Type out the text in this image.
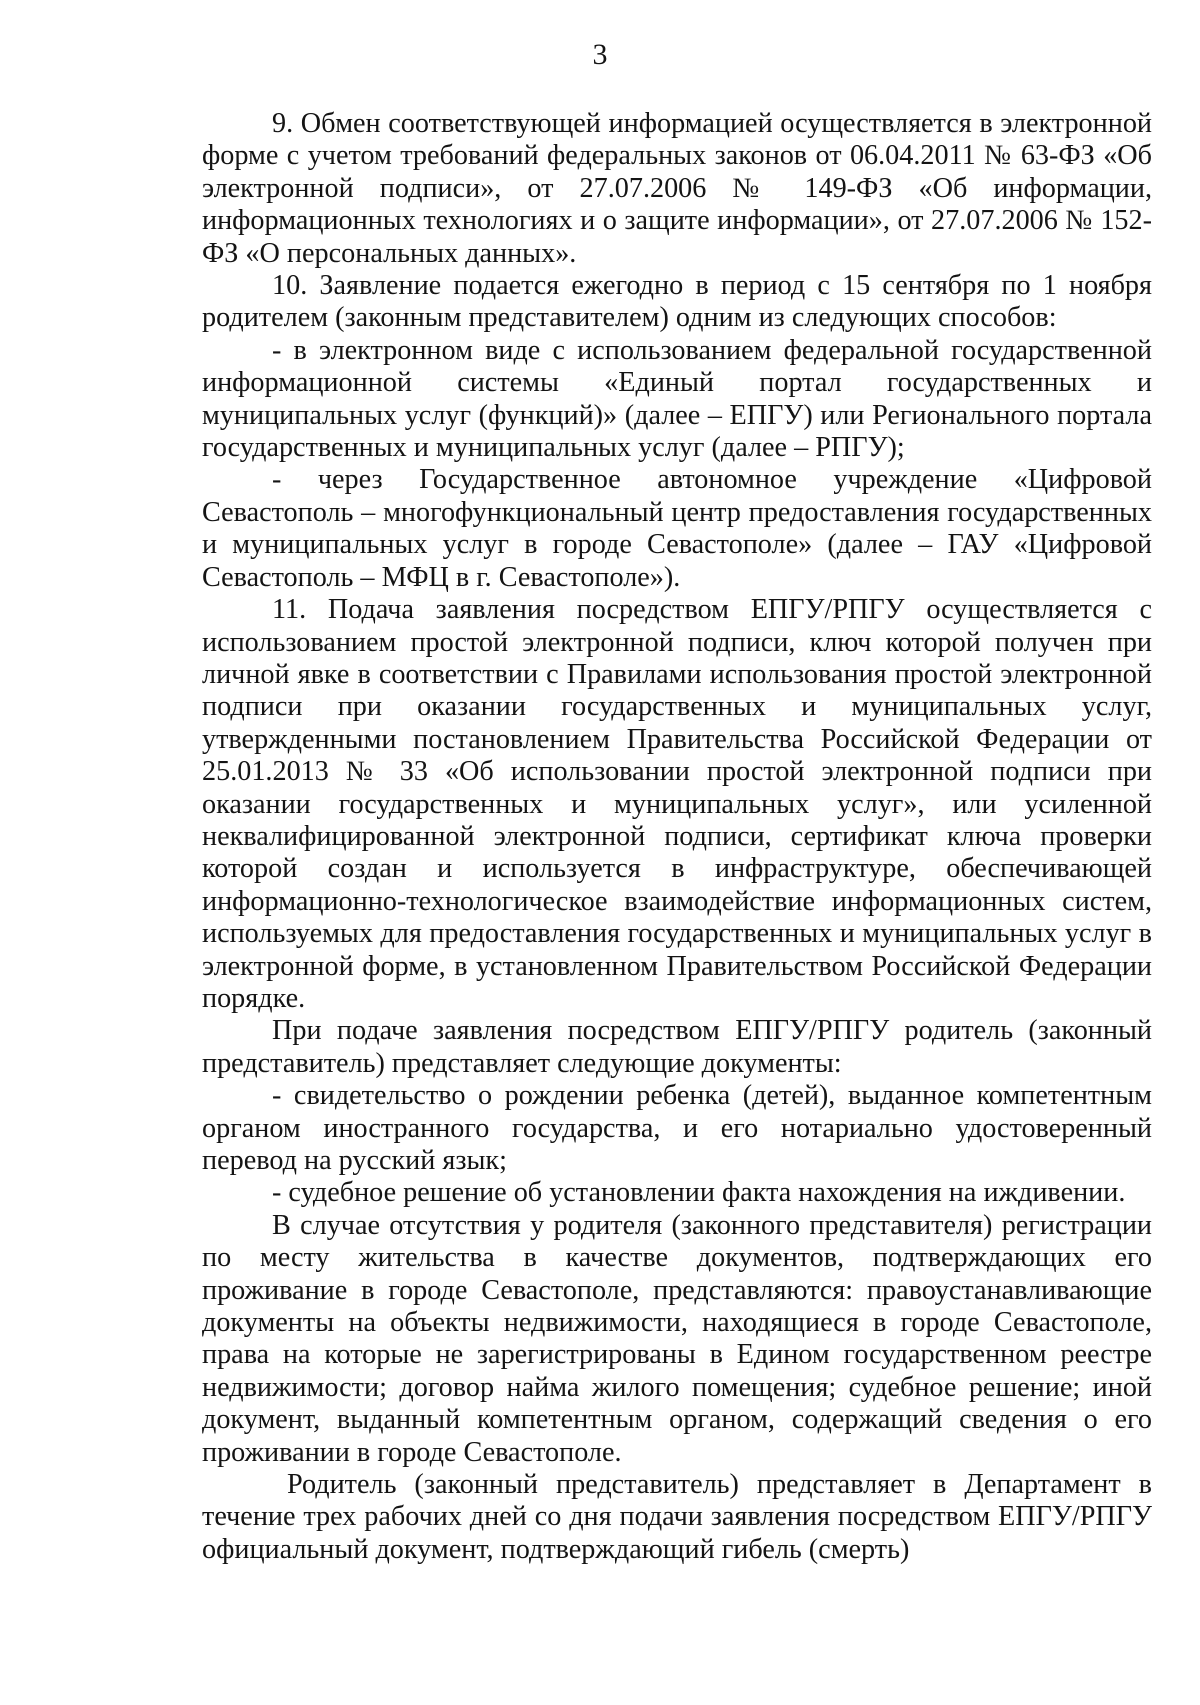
3

9. Обмен соответствующей информацией осуществляется в электронной форме с учетом требований федеральных законов от 06.04.2011 № 63-ФЗ «Об электронной подписи», от 27.07.2006 № 149-ФЗ «Об информации, информационных технологиях и о защите информации», от 27.07.2006 № 152-ФЗ «О персональных данных».

10. Заявление подается ежегодно в период с 15 сентября по 1 ноября родителем (законным представителем) одним из следующих способов:

- в электронном виде с использованием федеральной государственной информационной системы «Единый портал государственных и муниципальных услуг (функций)» (далее – ЕПГУ) или Регионального портала государственных и муниципальных услуг (далее – РПГУ);

- через Государственное автономное учреждение «Цифровой Севастополь – многофункциональный центр предоставления государственных и муниципальных услуг в городе Севастополе» (далее – ГАУ «Цифровой Севастополь – МФЦ в г. Севастополе»).

11. Подача заявления посредством ЕПГУ/РПГУ осуществляется с использованием простой электронной подписи, ключ которой получен при личной явке в соответствии с Правилами использования простой электронной подписи при оказании государственных и муниципальных услуг, утвержденными постановлением Правительства Российской Федерации от 25.01.2013 № 33 «Об использовании простой электронной подписи при оказании государственных и муниципальных услуг», или усиленной неквалифицированной электронной подписи, сертификат ключа проверки которой создан и используется в инфраструктуре, обеспечивающей информационно-технологическое взаимодействие информационных систем, используемых для предоставления государственных и муниципальных услуг в электронной форме, в установленном Правительством Российской Федерации порядке.

При подаче заявления посредством ЕПГУ/РПГУ родитель (законный представитель) представляет следующие документы:

- свидетельство о рождении ребенка (детей), выданное компетентным органом иностранного государства, и его нотариально удостоверенный перевод на русский язык;

- судебное решение об установлении факта нахождения на иждивении.

В случае отсутствия у родителя (законного представителя) регистрации по месту жительства в качестве документов, подтверждающих его проживание в городе Севастополе, представляются: правоустанавливающие документы на объекты недвижимости, находящиеся в городе Севастополе, права на которые не зарегистрированы в Едином государственном реестре недвижимости; договор найма жилого помещения; судебное решение; иной документ, выданный компетентным органом, содержащий сведения о его проживании в городе Севастополе.

Родитель (законный представитель) представляет в Департамент в течение трех рабочих дней со дня подачи заявления посредством ЕПГУ/РПГУ официальный документ, подтверждающий гибель (смерть)
